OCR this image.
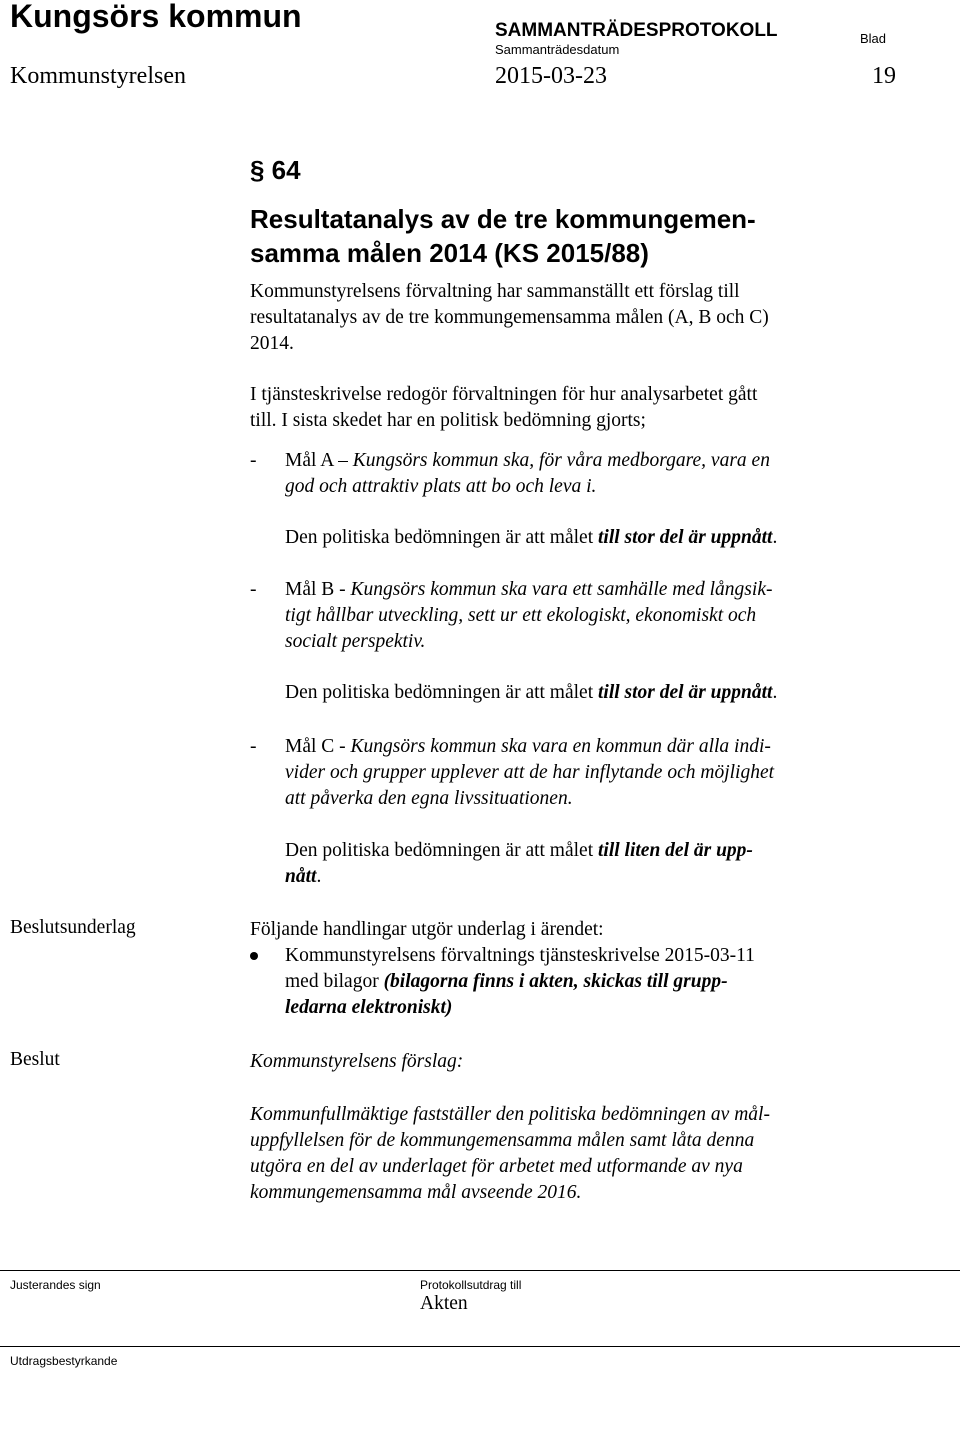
Kungsörs kommun	SAMMANTRÄDESPROTOKOLL
Sammanträdesdatum
Blad
Kommunstyrelsen	2015-03-23	19
§ 64
Resultatanalys av de tre kommungemen-
samma målen 2014 (KS 2015/88)
Kommunstyrelsens förvaltning har sammanställt ett förslag till
resultatanalys av de tre kommungemensamma målen (A, B och C)
2014.
I tjänsteskrivelse redogör förvaltningen för hur analysarbetet gått
till. I sista skedet har en politisk bedömning gjorts;
- Mål A – Kungsörs kommun ska, för våra medborgare, vara en
god och attraktiv plats att bo och leva i.
Den politiska bedömningen är att målet till stor del är uppnått.
- Mål B - Kungsörs kommun ska vara ett samhälle med långsik-
tigt hållbar utveckling, sett ur ett ekologiskt, ekonomiskt och
socialt perspektiv.
Den politiska bedömningen är att målet till stor del är uppnått.
- Mål C - Kungsörs kommun ska vara en kommun där alla indi-
vider och grupper upplever att de har inflytande och möjlighet
att påverka den egna livssituationen.
Den politiska bedömningen är att målet till liten del är upp-
nått.
Beslutsunderlag	Följande handlingar utgör underlag i ärendet:
Kommunstyrelsens förvaltnings tjänsteskrivelse 2015-03-11
med bilagor (bilagorna finns i akten, skickas till grupp-
ledarna elektroniskt)
Beslut	Kommunstyrelsens förslag:
Kommunfullmäktige fastställer den politiska bedömningen av mål-
uppfyllelsen för de kommungemensamma målen samt låta denna
utgöra en del av underlaget för arbetet med utformande av nya
kommungemensamma mål avseende 2016.
Justerandes sign	Protokollsutdrag till
Akten
Utdragsbestyrkande
